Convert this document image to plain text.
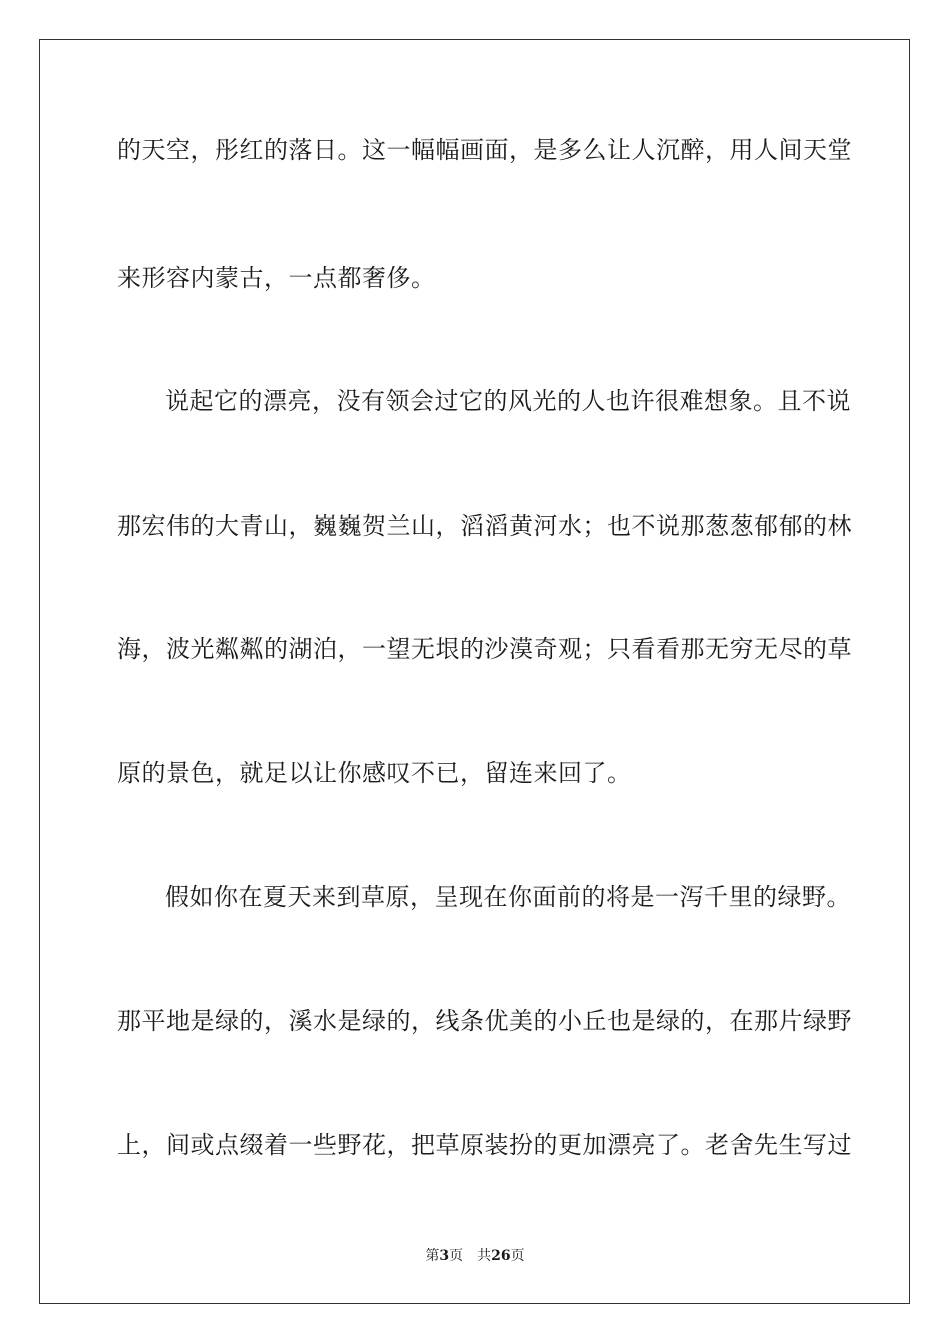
的天空，彤红的落日。这一幅幅画面，是多么让人沉醉，用人间天堂
来形容内蒙古，一点都奢侈。
说起它的漂亮，没有领会过它的风光的人也许很难想象。且不说
那宏伟的大青山，巍巍贺兰山，滔滔黄河水；也不说那葱葱郁郁的林
海，波光粼粼的湖泊，一望无垠的沙漠奇观；只看看那无穷无尽的草
原的景色，就足以让你感叹不已，留连来回了。
假如你在夏天来到草原，呈现在你面前的将是一泻千里的绿野。
那平地是绿的，溪水是绿的，线条优美的小丘也是绿的，在那片绿野
上，间或点缀着一些野花，把草原装扮的更加漂亮了。老舍先生写过
第3页 共26页
